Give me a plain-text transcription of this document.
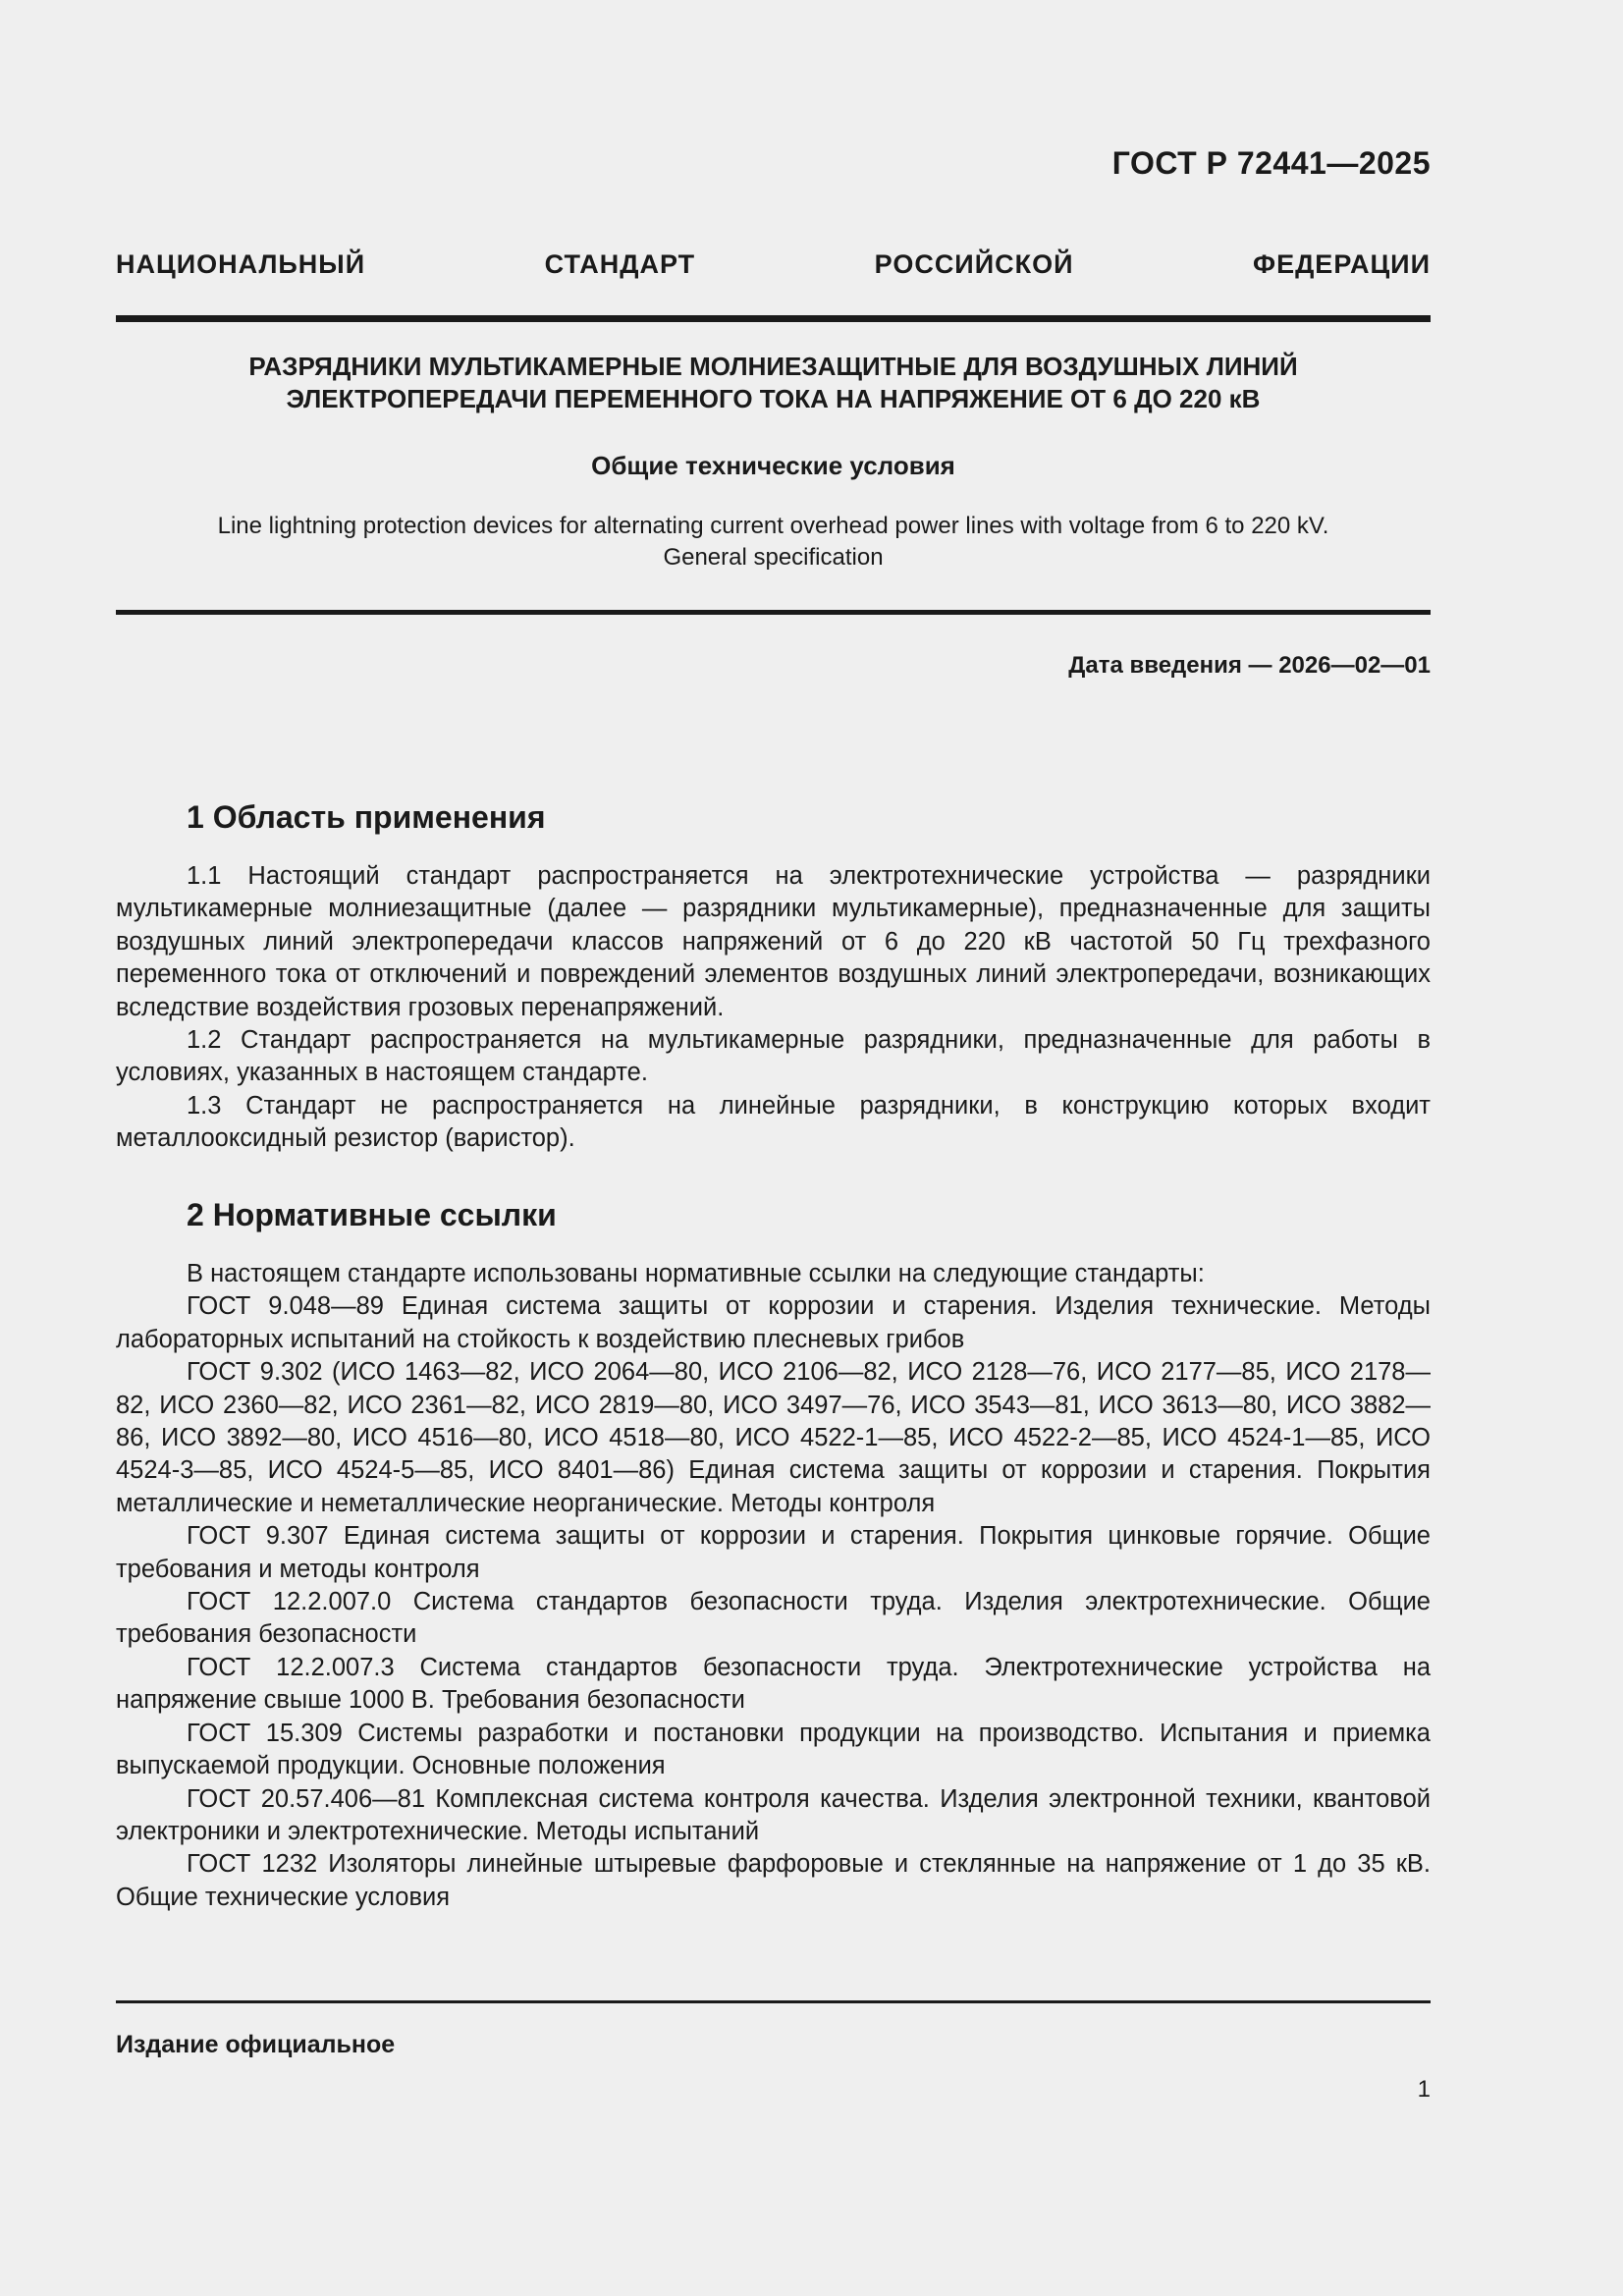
ГОСТ Р 72441—2025
НАЦИОНАЛЬНЫЙ СТАНДАРТ РОССИЙСКОЙ ФЕДЕРАЦИИ
РАЗРЯДНИКИ МУЛЬТИКАМЕРНЫЕ МОЛНИЕЗАЩИТНЫЕ ДЛЯ ВОЗДУШНЫХ ЛИНИЙ
ЭЛЕКТРОПЕРЕДАЧИ ПЕРЕМЕННОГО ТОКА НА НАПРЯЖЕНИЕ ОТ 6 ДО 220 кВ
Общие технические условия
Line lightning protection devices for alternating current overhead power lines with voltage from 6 to 220 kV.
General specification
Дата введения — 2026—02—01
1 Область применения

1.1 Настоящий стандарт распространяется на электротехнические устройства — разрядники мультикамерные молниезащитные (далее — разрядники мультикамерные), предназначенные для защиты воздушных линий электропередачи классов напряжений от 6 до 220 кВ частотой 50 Гц трехфазного переменного тока от отключений и повреждений элементов воздушных линий электропередачи, возникающих вследствие воздействия грозовых перенапряжений.

1.2 Стандарт распространяется на мультикамерные разрядники, предназначенные для работы в условиях, указанных в настоящем стандарте.

1.3 Стандарт не распространяется на линейные разрядники, в конструкцию которых входит металлооксидный резистор (варистор).

2 Нормативные ссылки

В настоящем стандарте использованы нормативные ссылки на следующие стандарты:

ГОСТ 9.048—89 Единая система защиты от коррозии и старения. Изделия технические. Методы лабораторных испытаний на стойкость к воздействию плесневых грибов

ГОСТ 9.302 (ИСО 1463—82, ИСО 2064—80, ИСО 2106—82, ИСО 2128—76, ИСО 2177—85, ИСО 2178—82, ИСО 2360—82, ИСО 2361—82, ИСО 2819—80, ИСО 3497—76, ИСО 3543—81, ИСО 3613—80, ИСО 3882—86, ИСО 3892—80, ИСО 4516—80, ИСО 4518—80, ИСО 4522-1—85, ИСО 4522-2—85, ИСО 4524-1—85, ИСО 4524-3—85, ИСО 4524-5—85, ИСО 8401—86) Единая система защиты от коррозии и старения. Покрытия металлические и неметаллические неорганические. Методы контроля

ГОСТ 9.307 Единая система защиты от коррозии и старения. Покрытия цинковые горячие. Общие требования и методы контроля

ГОСТ 12.2.007.0 Система стандартов безопасности труда. Изделия электротехнические. Общие требования безопасности

ГОСТ 12.2.007.3 Система стандартов безопасности труда. Электротехнические устройства на напряжение свыше 1000 В. Требования безопасности

ГОСТ 15.309 Системы разработки и постановки продукции на производство. Испытания и приемка выпускаемой продукции. Основные положения

ГОСТ 20.57.406—81 Комплексная система контроля качества. Изделия электронной техники, квантовой электроники и электротехнические. Методы испытаний

ГОСТ 1232 Изоляторы линейные штыревые фарфоровые и стеклянные на напряжение от 1 до 35 кВ. Общие технические условия

Издание официальное
1
